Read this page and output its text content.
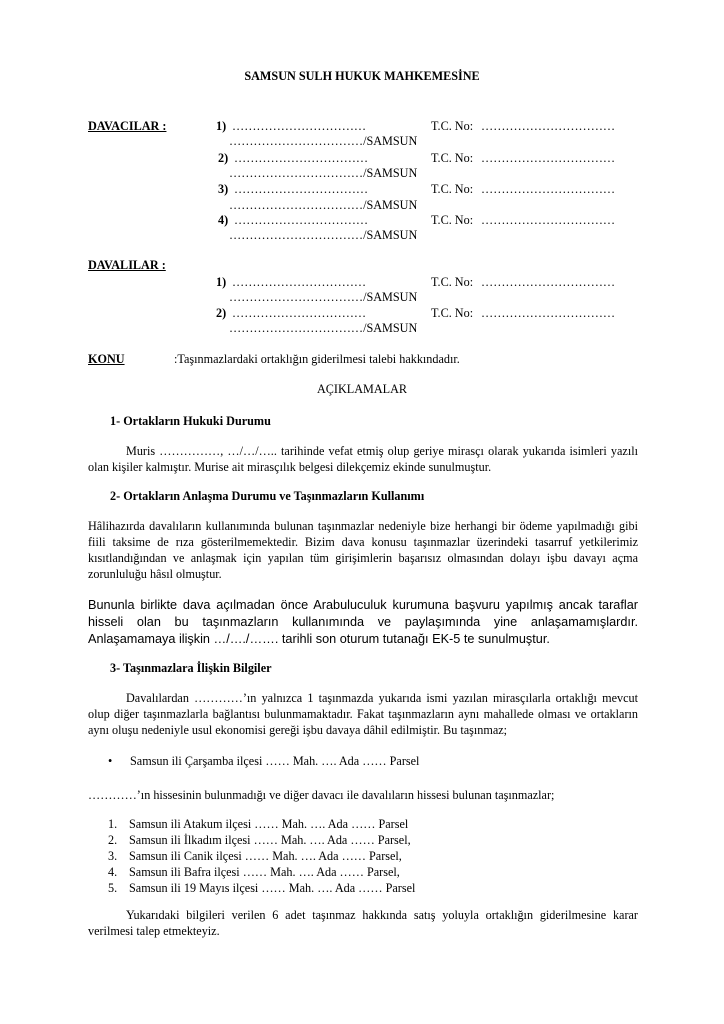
SAMSUN SULH HUKUK MAHKEMESİNE
DAVACILAR :	1) ……………………………	T.C. No: ……………………………
……………………………/SAMSUN
2) ……………………………	T.C. No: ……………………………
……………………………/SAMSUN
3) ……………………………	T.C. No: ……………………………
……………………………/SAMSUN
4) ……………………………	T.C. No: ……………………………
……………………………/SAMSUN
DAVALILAR :
1) ……………………………	T.C. No: ……………………………
……………………………/SAMSUN
2) ……………………………	T.C. No: ……………………………
……………………………/SAMSUN
KONU	:Taşınmazlardaki ortaklığın giderilmesi talebi hakkındadır.
AÇIKLAMALAR
1- Ortakların Hukuki Durumu
Muris ……………, …/…/….. tarihinde vefat etmiş olup geriye mirasçı olarak yukarıda isimleri yazılı olan kişiler kalmıştır. Murise ait mirasçılık belgesi dilekçemiz ekinde sunulmuştur.
2- Ortakların Anlaşma Durumu ve Taşınmazların Kullanımı
Hâlihazırda davalıların kullanımında bulunan taşınmazlar nedeniyle bize herhangi bir ödeme yapılmadığı gibi fiili taksime de rıza gösterilmemektedir. Bizim dava konusu taşınmazlar üzerindeki tasarruf yetkilerimiz kısıtlandığından ve anlaşmak için yapılan tüm girişimlerin başarısız olmasından dolayı işbu davayı açma zorunluluğu hâsıl olmuştur.
Bununla birlikte dava açılmadan önce Arabuluculuk kurumuna başvuru yapılmış ancak taraflar hisseli olan bu taşınmazların kullanımında ve paylaşımında yine anlaşamamışlardır. Anlaşamamaya ilişkin …/…./……. tarihli son oturum tutanağı EK-5 te sunulmuştur.
3- Taşınmazlara İlişkin Bilgiler
Davalılardan …………’ın yalnızca 1 taşınmazda yukarıda ismi yazılan mirasçılarla ortaklığı mevcut olup diğer taşınmazlarla bağlantısı bulunmamaktadır. Fakat taşınmazların aynı mahallede olması ve ortakların aynı oluşu nedeniyle usul ekonomisi gereği işbu davaya dâhil edilmiştir. Bu taşınmaz;
• Samsun ili Çarşamba ilçesi …… Mah. …. Ada …… Parsel
…………’ın hissesinin bulunmadığı ve diğer davacı ile davalıların hissesi bulunan taşınmazlar;
1. Samsun ili Atakum ilçesi …… Mah. …. Ada …… Parsel
2. Samsun ili İlkadım ilçesi …… Mah. …. Ada …… Parsel,
3. Samsun ili Canik ilçesi …… Mah. …. Ada …… Parsel,
4. Samsun ili Bafra ilçesi …… Mah. …. Ada …… Parsel,
5. Samsun ili 19 Mayıs ilçesi …… Mah. …. Ada …… Parsel
Yukarıdaki bilgileri verilen 6 adet taşınmaz hakkında satış yoluyla ortaklığın giderilmesine karar verilmesi talep etmekteyiz.
